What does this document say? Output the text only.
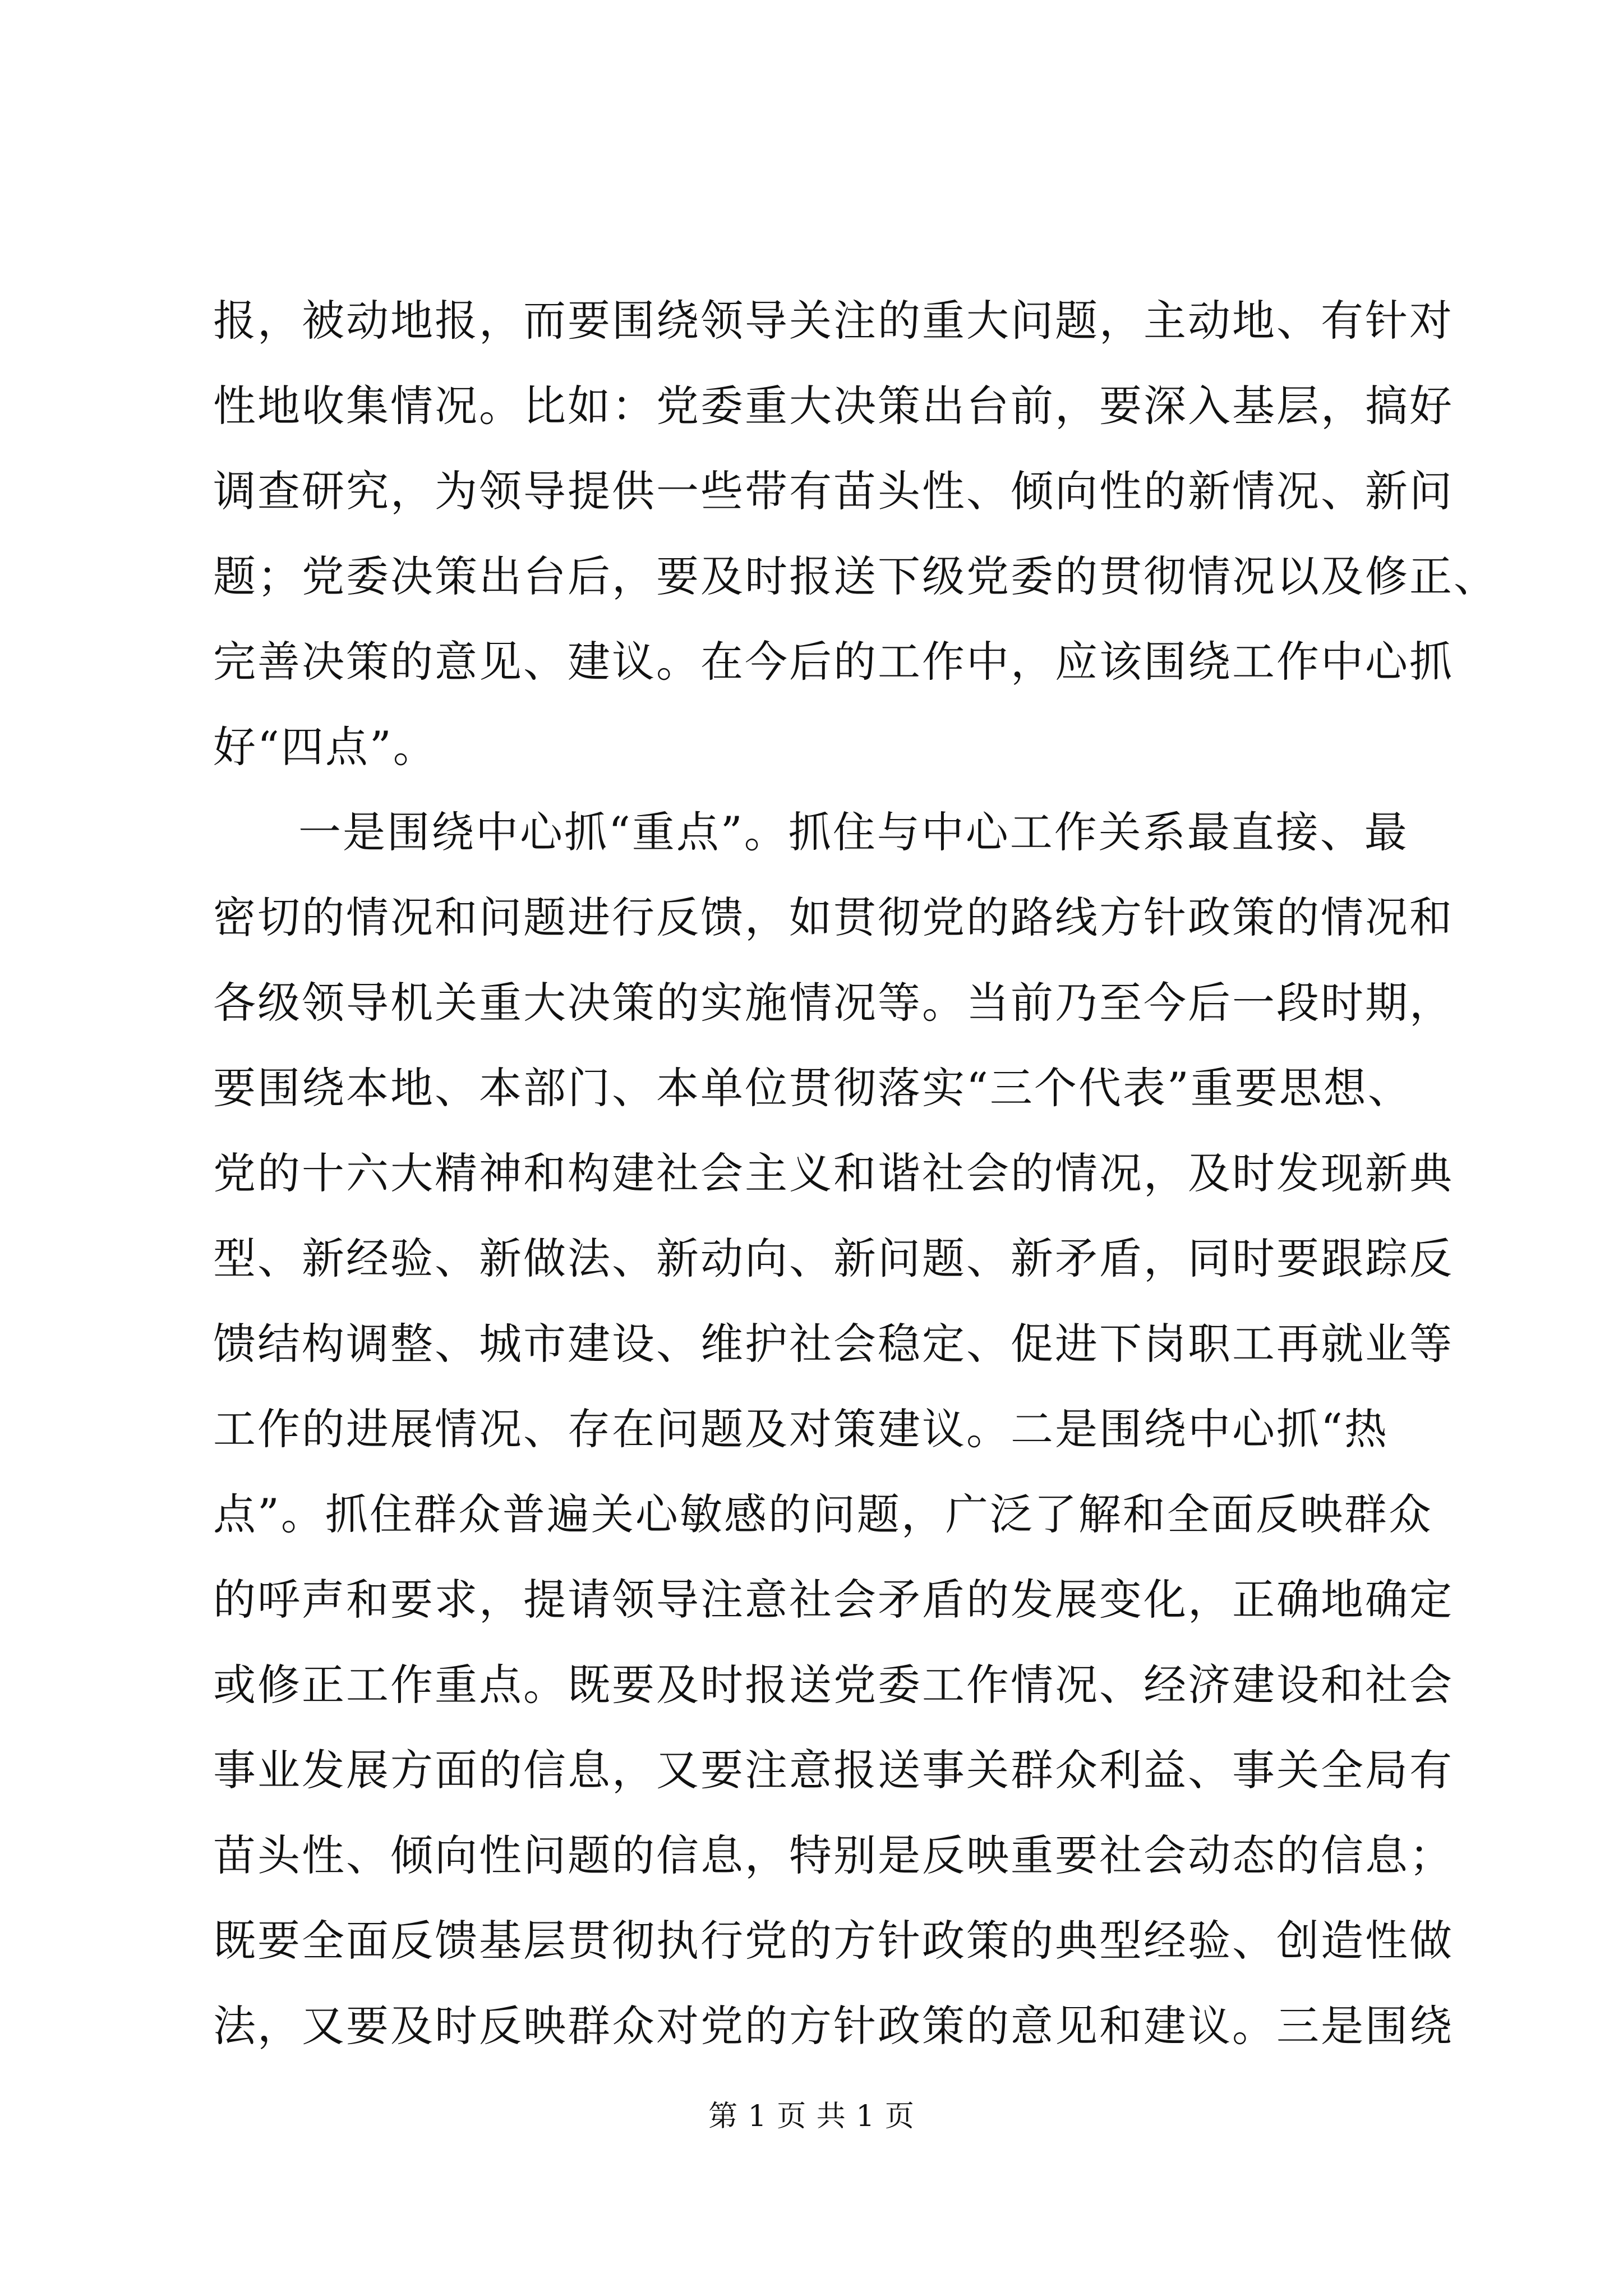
报，被动地报，而要围绕领导关注的重大问题，主动地、有针对
性地收集情况。比如：党委重大决策出台前，要深入基层，搞好
调查研究，为领导提供一些带有苗头性、倾向性的新情况、新问
题；党委决策出台后，要及时报送下级党委的贯彻情况以及修正、
完善决策的意见、建议。在今后的工作中，应该围绕工作中心抓
好“四点”。
一是围绕中心抓“重点”。抓住与中心工作关系最直接、最
密切的情况和问题进行反馈，如贯彻党的路线方针政策的情况和
各级领导机关重大决策的实施情况等。当前乃至今后一段时期，
要围绕本地、本部门、本单位贯彻落实“三个代表”重要思想、
党的十六大精神和构建社会主义和谐社会的情况，及时发现新典
型、新经验、新做法、新动向、新问题、新矛盾，同时要跟踪反
馈结构调整、城市建设、维护社会稳定、促进下岗职工再就业等
工作的进展情况、存在问题及对策建议。二是围绕中心抓“热
点”。抓住群众普遍关心敏感的问题，广泛了解和全面反映群众
的呼声和要求，提请领导注意社会矛盾的发展变化，正确地确定
或修正工作重点。既要及时报送党委工作情况、经济建设和社会
事业发展方面的信息，又要注意报送事关群众利益、事关全局有
苗头性、倾向性问题的信息，特别是反映重要社会动态的信息；
既要全面反馈基层贯彻执行党的方针政策的典型经验、创造性做
法，又要及时反映群众对党的方针政策的意见和建议。三是围绕
第 1 页 共 1 页
